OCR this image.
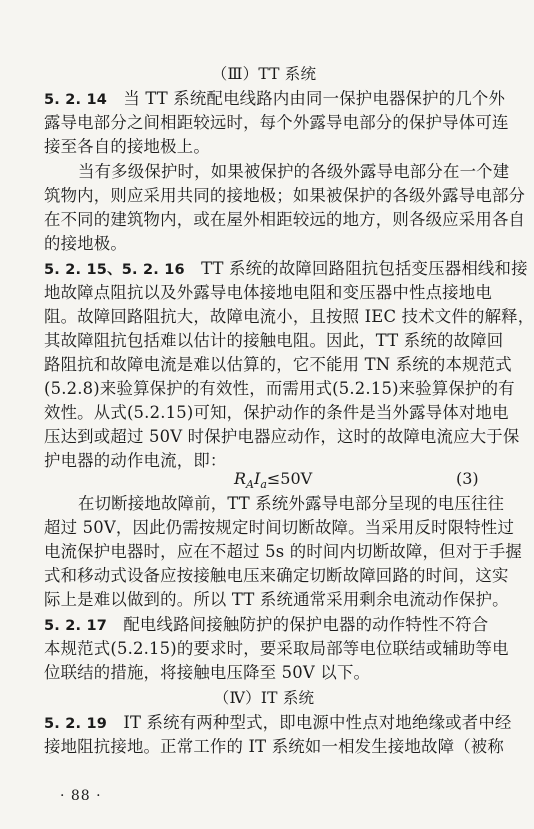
（Ⅲ）TT 系统
5. 2. 14 当 TT 系统配电线路内由同一保护电器保护的几个外
露导电部分之间相距较远时，每个外露导电部分的保护导体可连
接至各自的接地极上。
当有多级保护时，如果被保护的各级外露导电部分在一个建
筑物内，则应采用共同的接地极；如果被保护的各级外露导电部分
在不同的建筑物内，或在屋外相距较远的地方，则各级应采用各自
的接地极。
5. 2. 15、5. 2. 16 TT 系统的故障回路阻抗包括变压器相线和接
地故障点阻抗以及外露导电体接地电阻和变压器中性点接地电
阻。故障回路阻抗大，故障电流小，且按照 IEC 技术文件的解释，
其故障阻抗包括难以估计的接触电阻。因此，TT 系统的故障回
路阻抗和故障电流是难以估算的，它不能用 TN 系统的本规范式
(5.2.8)来验算保护的有效性，而需用式(5.2.15)来验算保护的有
效性。从式(5.2.15)可知，保护动作的条件是当外露导体对地电
压达到或超过 50V 时保护电器应动作，这时的故障电流应大于保
护电器的动作电流，即：
$R_AI_a\le 50V$	(3)
在切断接地故障前，TT 系统外露导电部分呈现的电压往往
超过 50V，因此仍需按规定时间切断故障。当采用反时限特性过
电流保护电器时，应在不超过 5s 的时间内切断故障，但对于手握
式和移动式设备应按接触电压来确定切断故障回路的时间，这实
际上是难以做到的。所以 TT 系统通常采用剩余电流动作保护。
5. 2. 17 配电线路间接触防护的保护电器的动作特性不符合
本规范式(5.2.15)的要求时，要采取局部等电位联结或辅助等电
位联结的措施，将接触电压降至 50V 以下。
（Ⅳ）IT 系统
5. 2. 19 IT 系统有两种型式，即电源中性点对地绝缘或者中经
接地阻抗接地。正常工作的 IT 系统如一相发生接地故障（被称
· 88 ·
